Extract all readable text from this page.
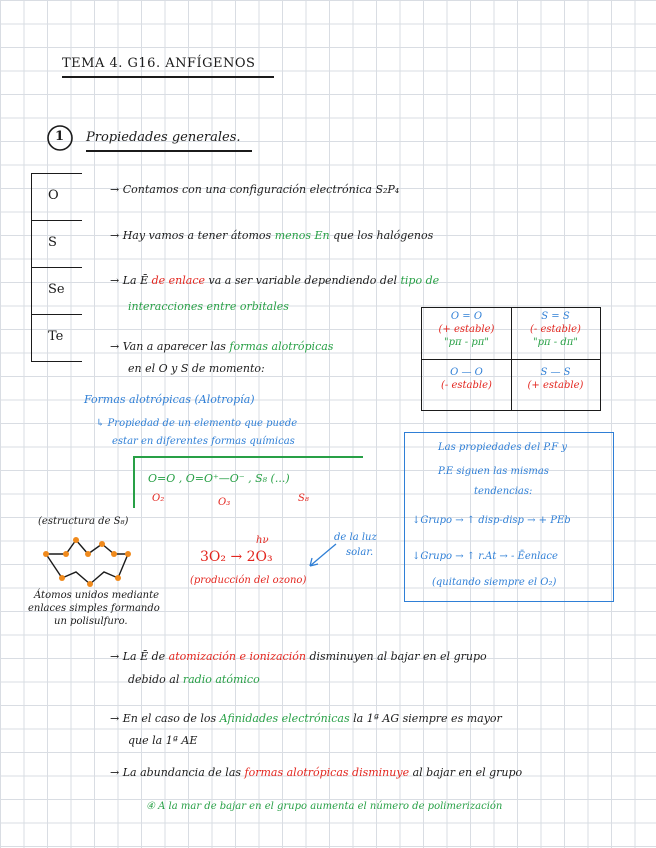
TEMA 4. G16. ANFÍGENOS
1 Propiedades generales.
O
S
Se
Te
→ Contamos con una configuración electrónica S₂P₄
→ Hay vamos a tener átomos menos En que los halógenos
→ La Ē de enlace va a ser variable dependiendo del tipo de
interacciones entre orbitales
→ Van a aparecer las formas alotrópicas
en el O y S de momento:
O = O
(+ estable)
"pπ - pπ"
S = S
(- estable)
"pπ - dπ"
O — O
(- estable)
S — S
(+ estable)
Formas alotrópicas (Alotropía)
↳ Propiedad de un elemento que puede
estar en diferentes formas químicas
O=O , O=O⁺—O⁻ , S₈ (...)
O₂	O₃	S₈
Las propiedades del P.F y
P.E siguen las mismas
tendencias:
↓Grupo → ↑ disp-disp → + PEb
↓Grupo → ↑ r.At → - Ēenlace
(quitando siempre el O₂)
(estructura de S₈)
Átomos unidos mediante
enlaces simples formando
un polisulfuro.
hν
3O₂ → 2O₃
(producción del ozono)
de la luz
solar.
→ La Ē de atomización e ionización disminuyen al bajar en el grupo
debido al radio atómico
→ En el caso de los Afinidades electrónicas la 1ª AG siempre es mayor
que la 1ª AE
→ La abundancia de las formas alotrópicas disminuye al bajar en el grupo
④ A la mar de bajar en el grupo aumenta el número de polimerización
